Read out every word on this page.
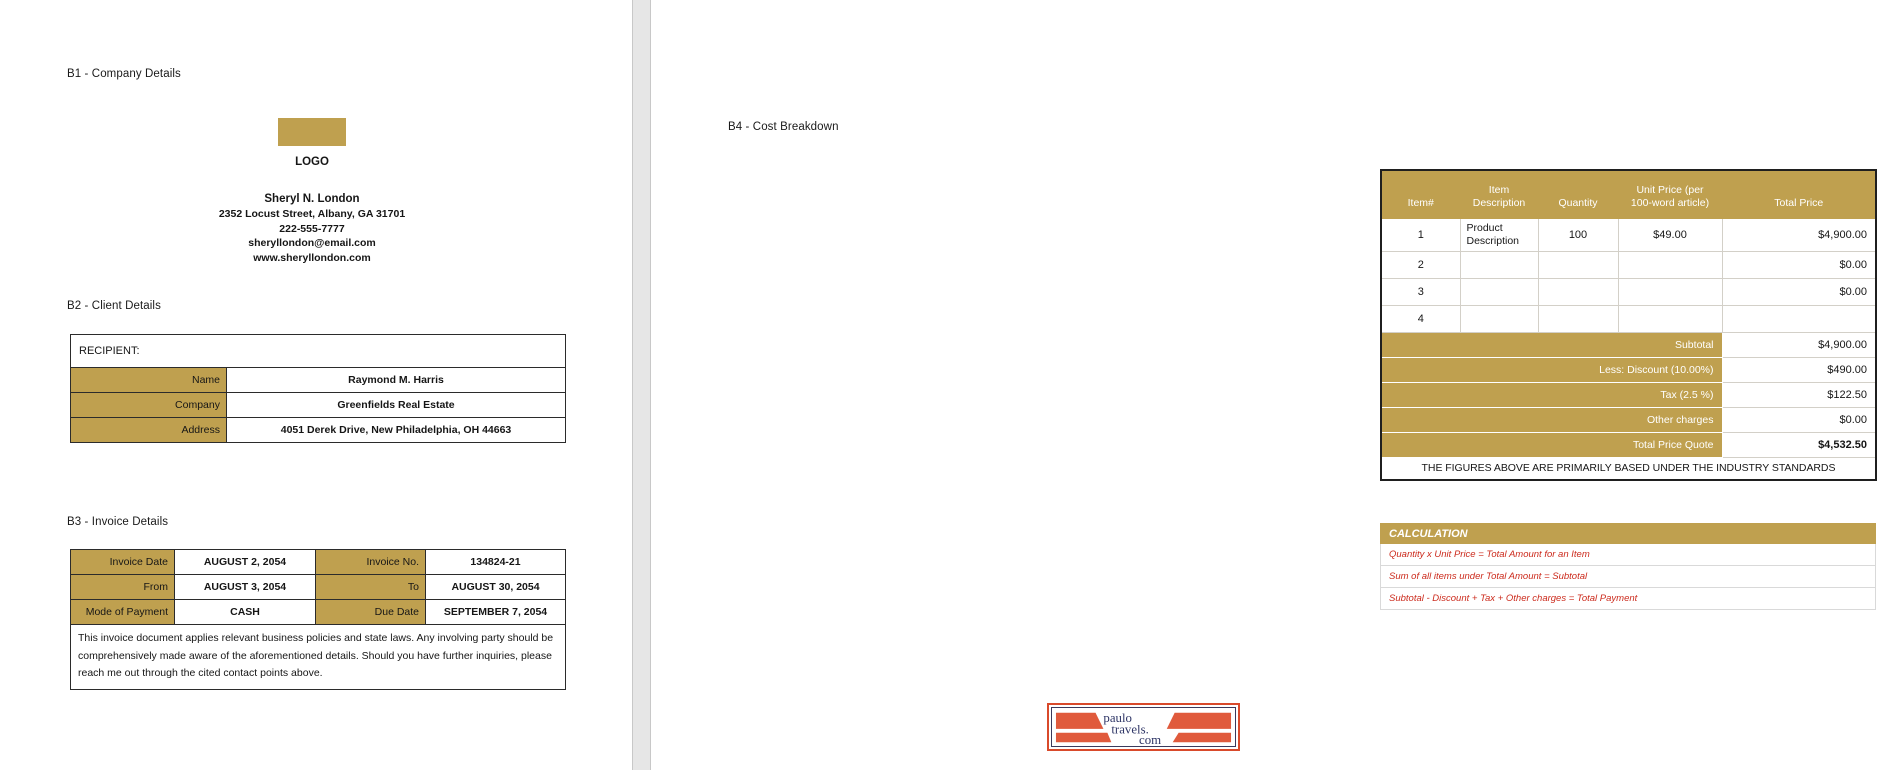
B1 - Company Details
LOGO
Sheryl N. London
2352 Locust Street, Albany, GA 31701
222-555-7777
sheryllondon@email.com
www.sheryllondon.com
B2 - Client Details
RECIPIENT:	
Name	Raymond M. Harris
Company	Greenfields Real Estate
Address	4051 Derek Drive, New Philadelphia, OH 44663
B3 - Invoice Details
Invoice Date	AUGUST 2, 2054	Invoice No.	134824-21
From	AUGUST 3, 2054	To	AUGUST 30, 2054
Mode of Payment	CASH	Due Date	SEPTEMBER 7, 2054
This invoice document applies relevant business policies and state laws. Any involving party should be comprehensively made aware of the aforementioned details. Should you have further inquiries, please reach me out through the cited contact points above.			
B4 - Cost Breakdown
Item#	Item Description	Quantity	Unit Price (per 100-word article)	Total Price
1	Product Description	100	$49.00	$4,900.00
2				$0.00
3				$0.00
4				
Subtotal				$4,900.00
Less: Discount (10.00%)				$490.00
Tax (2.5 %)				$122.50
Other charges				$0.00
Total Price Quote				$4,532.50
THE FIGURES ABOVE ARE PRIMARILY BASED UNDER THE INDUSTRY STANDARDS				
CALCULATION
Quantity x Unit Price = Total Amount for an Item
Sum of all items under Total Amount = Subtotal
Subtotal - Discount + Tax + Other charges = Total Payment
paulo
travels.
com
